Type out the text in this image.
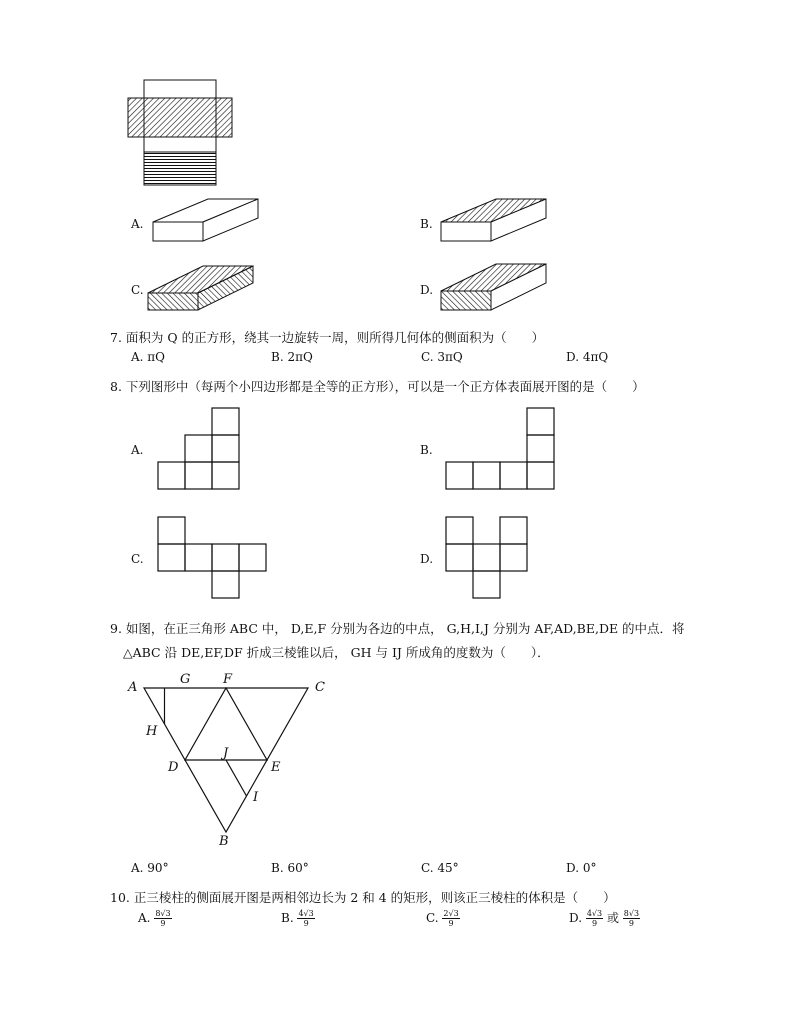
A.	B.
C.	D.
7. 面积为 Q 的正方形，绕其一边旋转一周，则所得几何体的侧面积为（　　）
A. πQ	B. 2πQ	C. 3πQ	D. 4πQ
8. 下列图形中（每两个小四边形都是全等的正方形），可以是一个正方体表面展开图的是（　　）
A.	B.
C.	D.
9. 如图，在正三角形 ABC 中， D,E,F 分别为各边的中点， G,H,I,J 分别为 AF,AD,BE,DE 的中点．将
△ABC 沿 DE,EF,DF 折成三棱锥以后， GH 与 IJ 所成角的度数为（　　）．
A
G	F
C
H
J
D	E
I
B
A. 90°	B. 60°	C. 45°	D. 0°
10. 正三棱柱的侧面展开图是两相邻边长为 2 和 4 的矩形，则该正三棱柱的体积是（　　）
A. $\frac{8√3}{9}$	B. $\frac{4√3}{9}$	C. $\frac{2√3}{9}$	D. $\frac{4√3}{9}$ 或 $\frac{8√3}{9}$
